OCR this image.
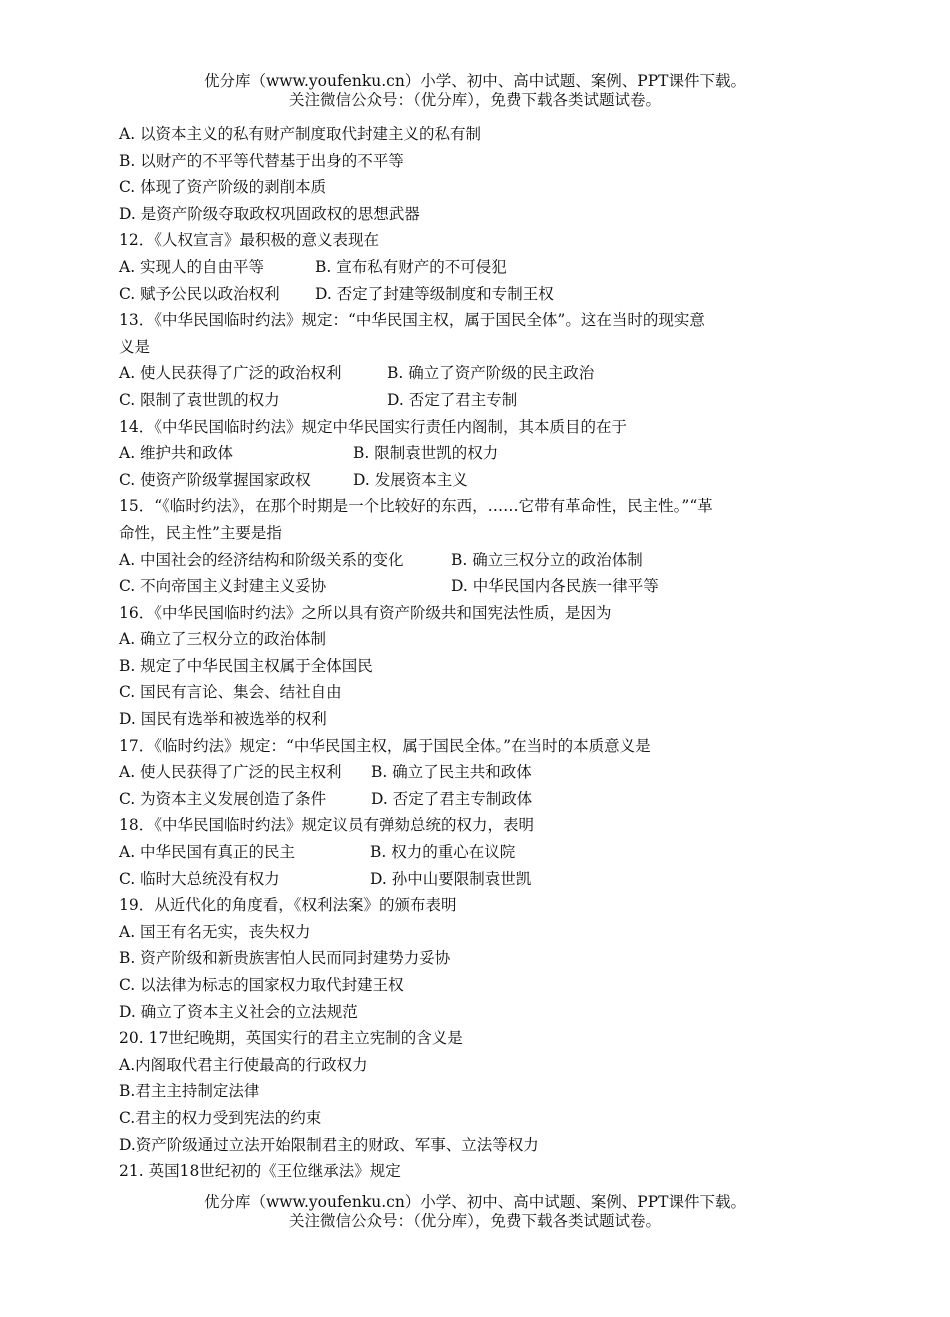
优分库（www.youfenku.cn）小学、初中、高中试题、案例、PPT课件下载。
关注微信公众号：（优分库），免费下载各类试题试卷。
A. 以资本主义的私有财产制度取代封建主义的私有制
B. 以财产的不平等代替基于出身的不平等
C. 体现了资产阶级的剥削本质
D. 是资产阶级夺取政权巩固政权的思想武器
12．《人权宣言》最积极的意义表现在
A. 实现人的自由平等	B. 宣布私有财产的不可侵犯
C. 赋予公民以政治权利 D. 否定了封建等级制度和专制王权
13．《中华民国临时约法》规定：“中华民国主权，属于国民全体”。这在当时的现实意
义是
A. 使人民获得了广泛的政治权利	B. 确立了资产阶级的民主政治
C. 限制了袁世凯的权力	D. 否定了君主专制
14．《中华民国临时约法》规定中华民国实行责任内阁制，其本质目的在于
A. 维护共和政体	B. 限制袁世凯的权力
C. 使资产阶级掌握国家政权	D. 发展资本主义
15．“《临时约法》，在那个时期是一个比较好的东西，……它带有革命性，民主性。”“革
命性，民主性”主要是指
A. 中国社会的经济结构和阶级关系的变化	B. 确立三权分立的政治体制
C. 不向帝国主义封建主义妥协	D. 中华民国内各民族一律平等
16．《中华民国临时约法》之所以具有资产阶级共和国宪法性质，是因为
A. 确立了三权分立的政治体制
B. 规定了中华民国主权属于全体国民
C. 国民有言论、集会、结社自由
D. 国民有选举和被选举的权利
17．《临时约法》规定：“中华民国主权，属于国民全体。”在当时的本质意义是
A. 使人民获得了广泛的民主权利 B. 确立了民主共和政体
C. 为资本主义发展创造了条件	D. 否定了君主专制政体
18．《中华民国临时约法》规定议员有弹劾总统的权力，表明
A. 中华民国有真正的民主	B. 权力的重心在议院
C. 临时大总统没有权力	D. 孙中山要限制袁世凯
19．从近代化的角度看，《权利法案》的颁布表明
A. 国王有名无实，丧失权力
B. 资产阶级和新贵族害怕人民而同封建势力妥协
C. 以法律为标志的国家权力取代封建王权
D. 确立了资本主义社会的立法规范
20. 17世纪晚期，英国实行的君主立宪制的含义是
A.内阁取代君主行使最高的行政权力
B.君主主持制定法律
C.君主的权力受到宪法的约束
D.资产阶级通过立法开始限制君主的财政、军事、立法等权力
21. 英国18世纪初的《王位继承法》规定
优分库（www.youfenku.cn）小学、初中、高中试题、案例、PPT课件下载。
关注微信公众号：（优分库），免费下载各类试题试卷。
